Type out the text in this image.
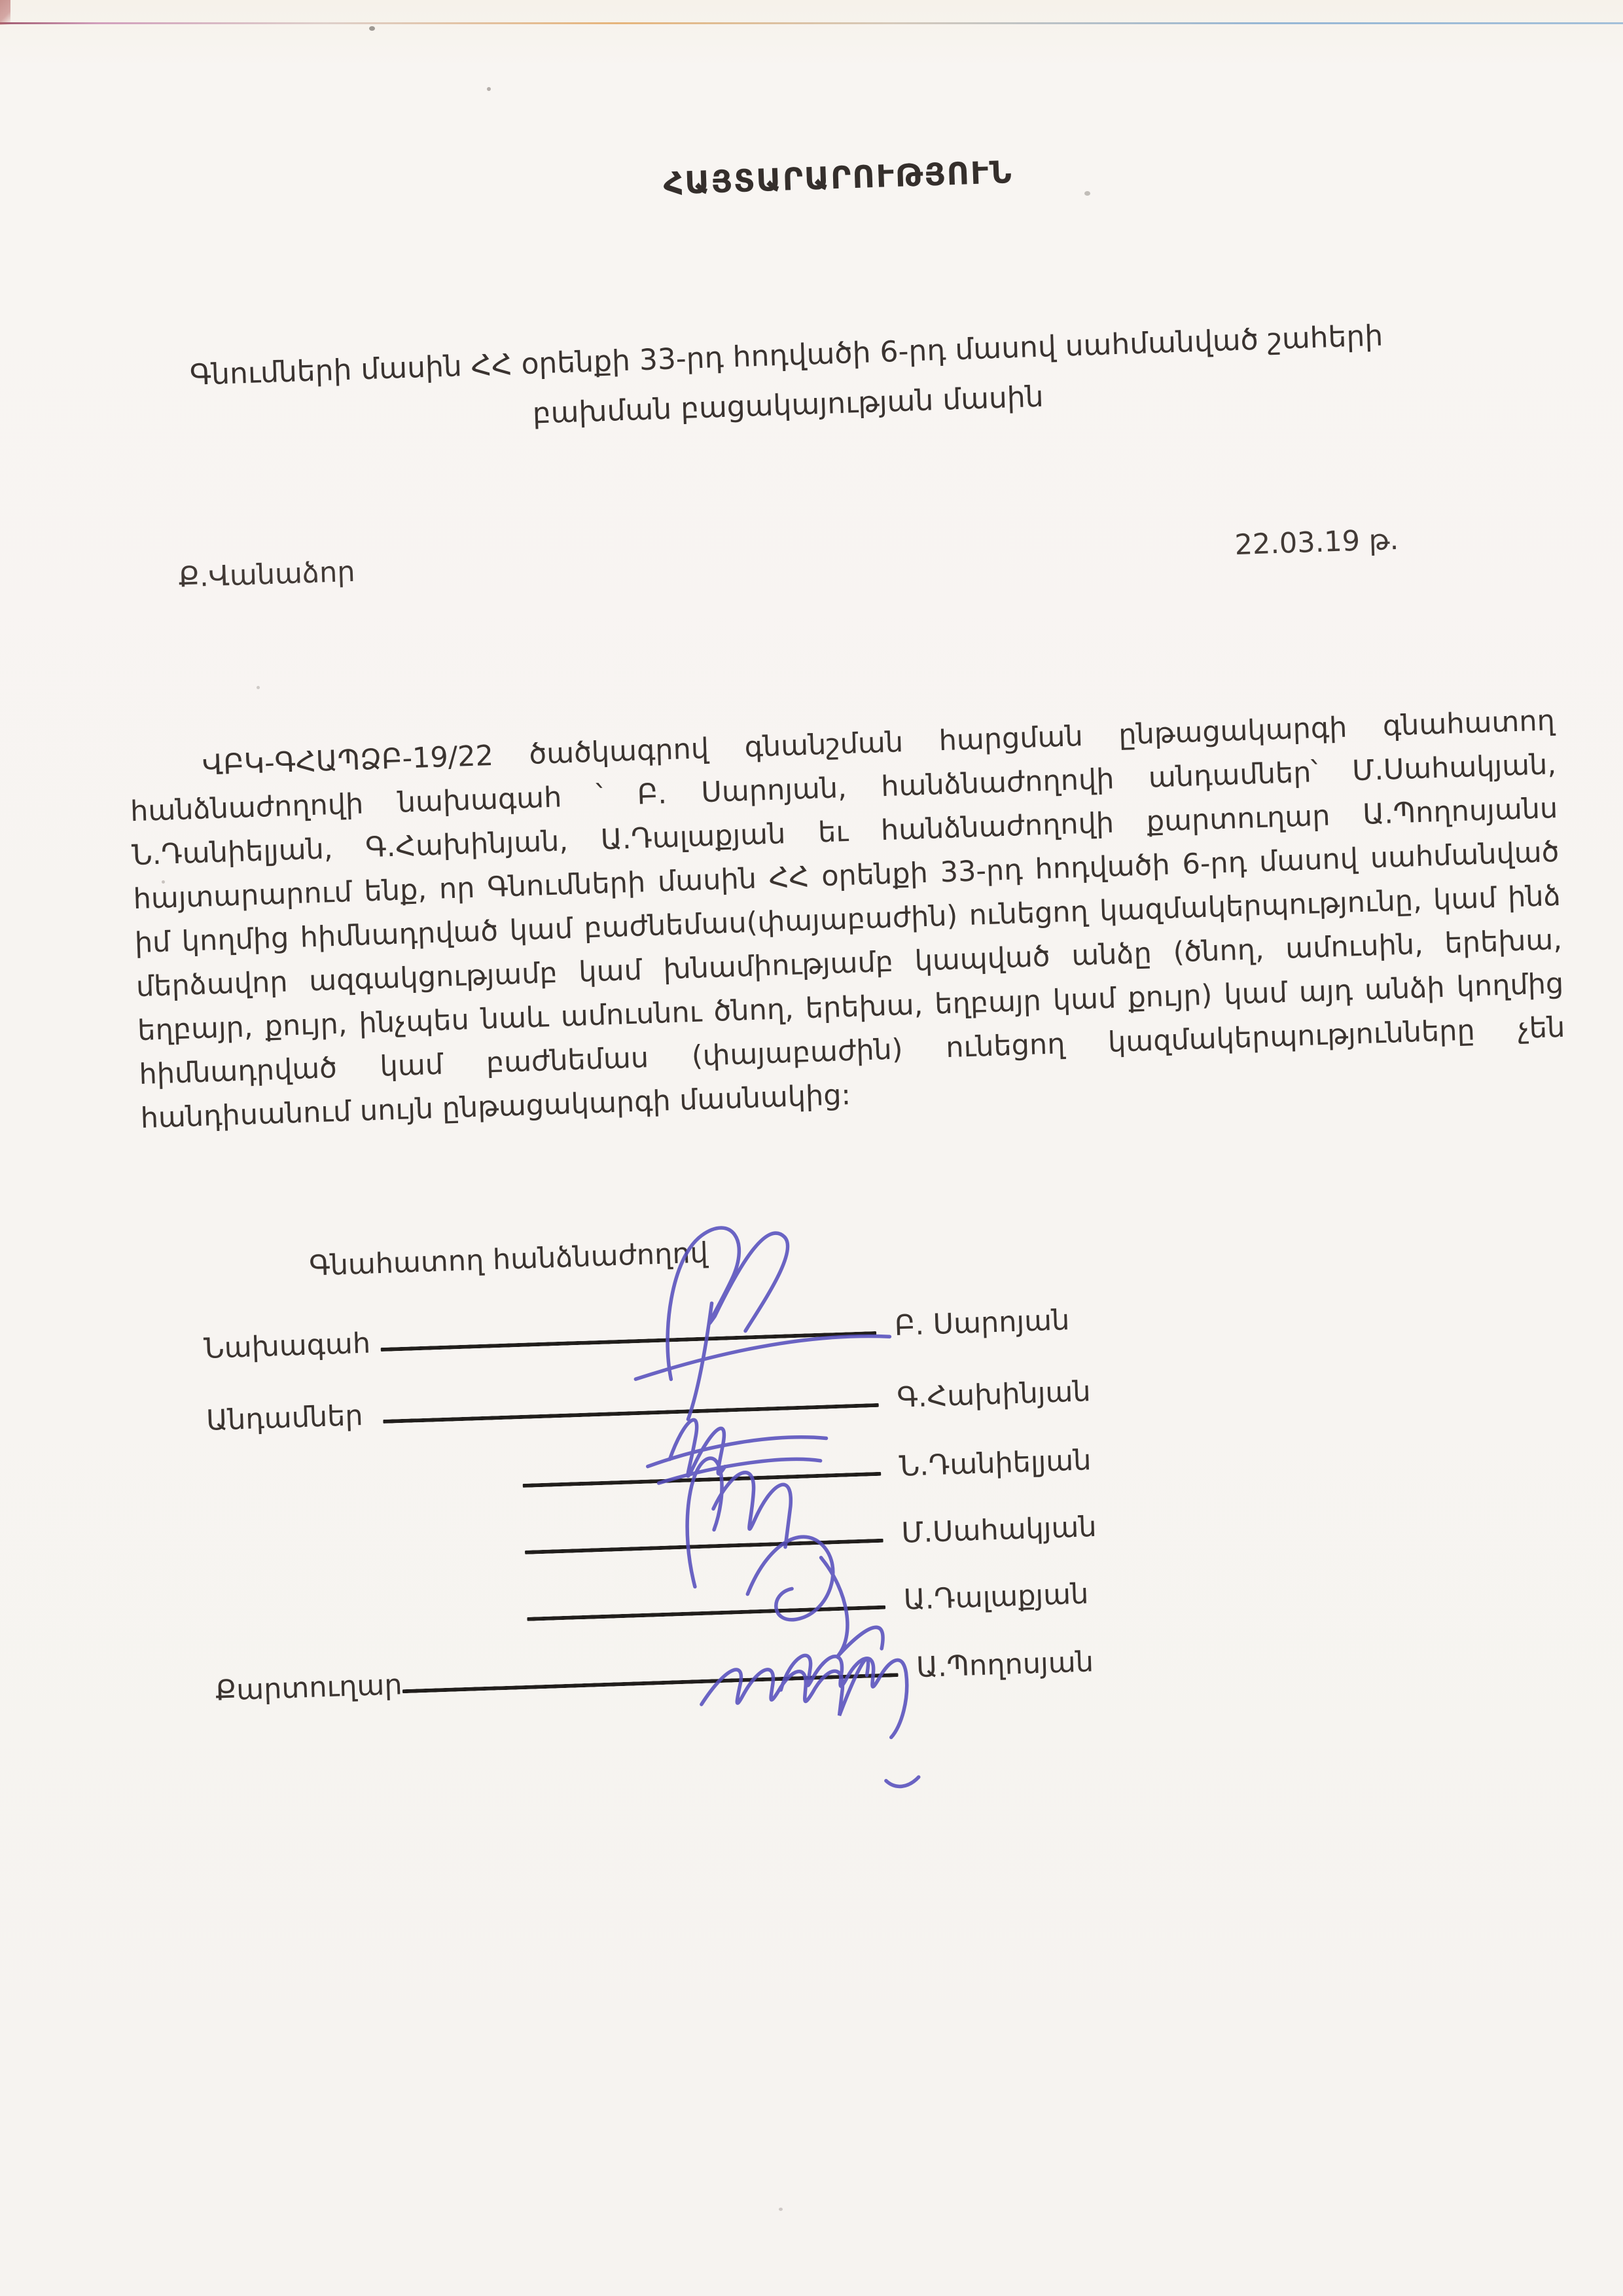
ՀԱՅՏԱՐԱՐՈՒԹՅՈՒՆ
Գնումների մասին ՀՀ օրենքի 33-րդ հոդվածի 6-րդ մասով սահմանված շահերի բախման բացակայության մասին
22.03.19 թ.
Ք.Վանաձոր
ՎԲԿ-ԳՀԱՊՁԲ-19/22 ծածկագրով գնանշման հարցման ընթացակարգի գնահատող հանձնաժողովի նախագահ ՝ Բ. Սարոյան, հանձնաժողովի անդամներ՝ Մ.Սահակյան, Ն.Դանիելյան, Գ.Հախինյան, Ա.Դալաքյան եւ հանձնաժողովի քարտուղար Ա.Պողոսյանս հայտարարում ենք, որ Գնումների մասին ՀՀ օրենքի 33-րդ հոդվածի 6-րդ մասով սահմանված իմ կողմից հիմնադրված կամ բաժնեմաս(փայաբաժին) ունեցող կազմակերպությունը, կամ ինձ մերձավոր ազգակցությամբ կամ խնամիությամբ կապված անձը (ծնող, ամուսին, երեխա, եղբայր, քույր, ինչպես նաև ամուսնու ծնող, երեխա, եղբայր կամ քույր) կամ այդ անձի կողմից հիմնադրված կամ բաժնեմաս (փայաբաժին) ունեցող կազմակերպությունները չեն հանդիսանում սույն ընթացակարգի մասնակից:
Գնահատող հանձնաժողով
Նախագահ
Բ. Սարոյան
Անդամներ
Գ.Հախինյան
Ն.Դանիելյան
Մ.Սահակյան
Ա.Դալաքյան
Քարտուղար
Ա.Պողոսյան
